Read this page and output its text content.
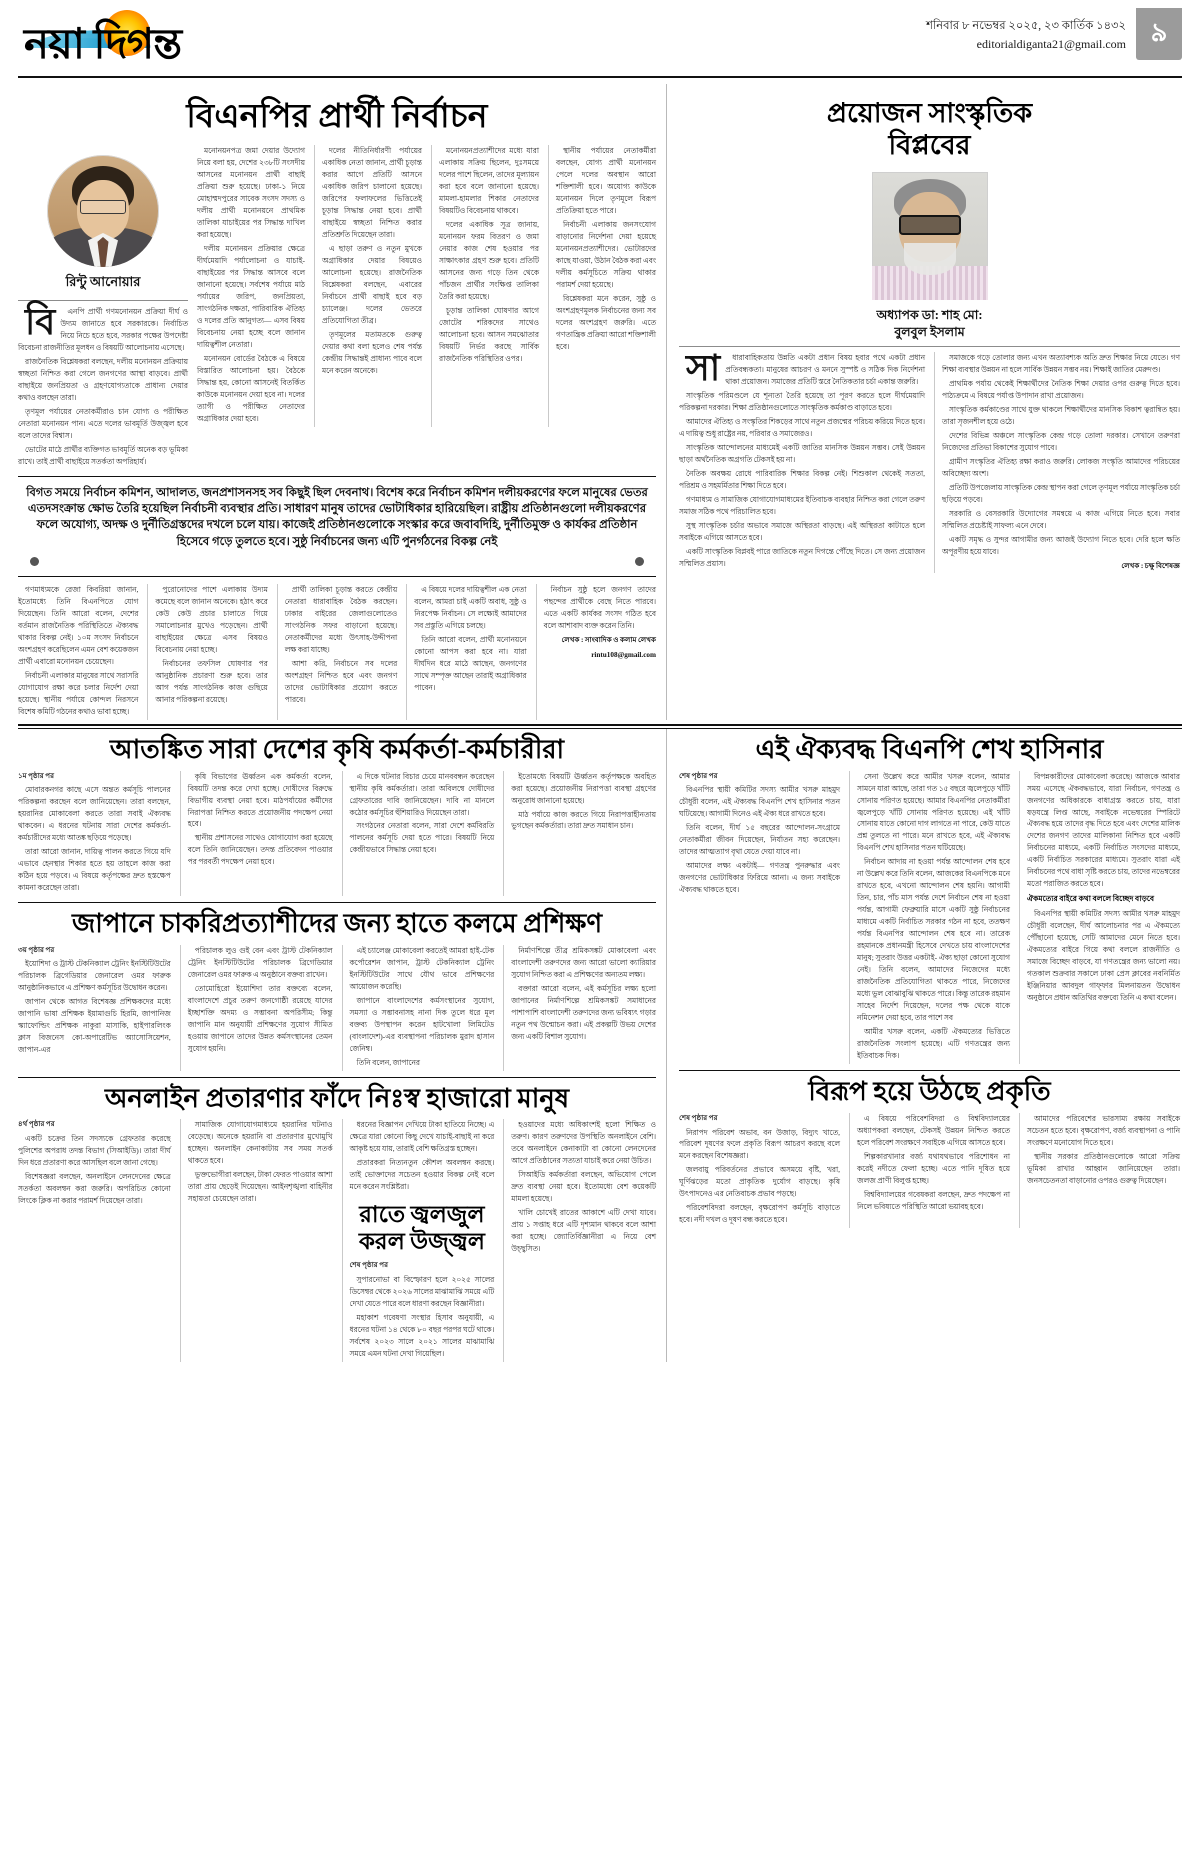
নয়া দিগন্ত	শনিবার ৮ নভেম্বর ২০২৫, ২৩ কার্তিক ১৪৩২
editorialdiganta21@gmail.com ৯
বিএনপির প্রার্থী নির্বাচন
রিন্টু আনোয়ার

বি	এনপি প্রার্থী গণমনোনয়ন প্রক্রিয়া দীর্ঘ ও উদ্যম জানাতে হবে সরকারকে। নির্বাচিত নিয়ে নিচে হতে হবে, সরকার পক্ষের উপদেষ্টা বিবেচনা রাজনীতির মূলধন ও বিষয়টি আলোচনায় এসেছে।

রাজনৈতিক বিশ্লেষকরা বলছেন, দলীয় মনোনয়ন প্রক্রিয়ায় স্বচ্ছতা নিশ্চিত করা গেলে জনগণের আস্থা বাড়বে। প্রার্থী বাছাইয়ে জনপ্রিয়তা ও গ্রহণযোগ্যতাকে প্রাধান্য দেয়ার কথাও বলছেন তারা।

তৃণমূল পর্যায়ের নেতাকর্মীরাও চান যোগ্য ও পরীক্ষিত নেতারা মনোনয়ন পান। এতে দলের ভাবমূর্তি উজ্জ্বল হবে বলে তাদের বিশ্বাস।

ভোটের মাঠে প্রার্থীর ব্যক্তিগত ভাবমূর্তি অনেক বড় ভূমিকা রাখে। তাই প্রার্থী বাছাইয়ে সতর্কতা অপরিহার্য।

মনোনয়নপত্র জমা দেয়ার উদ্যোগ নিয়ে বলা হয়, দেশের ২৩৮টি সংসদীয় আসনের মনোনয়ন প্রার্থী বাছাই প্রক্রিয়া শুরু হয়েছে। ঢাকা-১ নিয়ে মোহাম্মদপুরের সাবেক সংসদ সদস্য ও দলীয় প্রার্থী মনোনয়নে প্রাথমিক তালিকা যাচাইয়ের পর সিদ্ধান্ত দাখিল করা হয়েছে।

দলীয় মনোনয়ন প্রক্রিয়ার ক্ষেত্রে দীর্ঘমেয়াদি পর্যালোচনা ও যাচাই-বাছাইয়ের পর সিদ্ধান্ত আসবে বলে জানানো হয়েছে। সর্বশেষ পর্যায়ে মাঠ পর্যায়ের জরিপ, জনপ্রিয়তা, সাংগঠনিক দক্ষতা, পারিবারিক ঐতিহ্য ও দলের প্রতি আনুগত্য— এসব বিষয় বিবেচনায় নেয়া হচ্ছে বলে জানান দায়িত্বশীল নেতারা।

মনোনয়ন বোর্ডের বৈঠকে এ বিষয়ে বিস্তারিত আলোচনা হয়। বৈঠকে সিদ্ধান্ত হয়, কোনো আসনেই বিতর্কিত কাউকে মনোনয়ন দেয়া হবে না। দলের ত্যাগী ও পরীক্ষিত নেতাদের অগ্রাধিকার দেয়া হবে।

দলের নীতিনির্ধারণী পর্যায়ের একাধিক নেতা জানান, প্রার্থী চূড়ান্ত করার আগে প্রতিটি আসনে একাধিক জরিপ চালানো হয়েছে। জরিপের ফলাফলের ভিত্তিতেই চূড়ান্ত সিদ্ধান্ত নেয়া হবে। প্রার্থী বাছাইয়ে স্বচ্ছতা নিশ্চিত করার প্রতিশ্রুতি দিয়েছেন তারা।

এ ছাড়া তরুণ ও নতুন মুখকে অগ্রাধিকার দেয়ার বিষয়েও আলোচনা হয়েছে। রাজনৈতিক বিশ্লেষকরা বলছেন, এবারের নির্বাচনে প্রার্থী বাছাই হবে বড় চ্যালেঞ্জ। দলের ভেতরে প্রতিযোগিতা তীব্র।

তৃণমূলের মতামতকে গুরুত্ব দেয়ার কথা বলা হলেও শেষ পর্যন্ত কেন্দ্রীয় সিদ্ধান্তই প্রাধান্য পাবে বলে মনে করেন অনেকে।

মনোনয়নপ্রত্যাশীদের মধ্যে যারা এলাকায় সক্রিয় ছিলেন, দুঃসময়ে দলের পাশে ছিলেন, তাদের মূল্যায়ন করা হবে বলে জানানো হয়েছে। মামলা-হামলার শিকার নেতাদের বিষয়টিও বিবেচনায় থাকবে।

দলের একাধিক সূত্র জানায়, মনোনয়ন ফরম বিতরণ ও জমা নেয়ার কাজ শেষ হওয়ার পর সাক্ষাৎকার গ্রহণ শুরু হবে। প্রতিটি আসনের জন্য গড়ে তিন থেকে পাঁচজন প্রার্থীর সংক্ষিপ্ত তালিকা তৈরি করা হয়েছে।

চূড়ান্ত তালিকা ঘোষণার আগে জোটের শরিকদের সাথেও আলোচনা হবে। আসন সমঝোতার বিষয়টি নির্ভর করছে সার্বিক রাজনৈতিক পরিস্থিতির ওপর।

স্থানীয় পর্যায়ের নেতাকর্মীরা বলছেন, যোগ্য প্রার্থী মনোনয়ন পেলে দলের অবস্থান আরো শক্তিশালী হবে। অযোগ্য কাউকে মনোনয়ন দিলে তৃণমূলে বিরূপ প্রতিক্রিয়া হতে পারে।

নির্বাচনী এলাকায় জনসংযোগ বাড়ানোর নির্দেশনা দেয়া হয়েছে মনোনয়নপ্রত্যাশীদের। ভোটারদের কাছে যাওয়া, উঠান বৈঠক করা এবং দলীয় কর্মসূচিতে সক্রিয় থাকার পরামর্শ দেয়া হয়েছে।

বিশ্লেষকরা মনে করেন, সুষ্ঠু ও অংশগ্রহণমূলক নির্বাচনের জন্য সব দলের অংশগ্রহণ জরুরি। এতে গণতান্ত্রিক প্রক্রিয়া আরো শক্তিশালী হবে।

বিগত সময়ে নির্বাচন কমিশন, আদালত, জনপ্রশাসনসহ সব কিছুই ছিল দেবনাথ। বিশেষ করে নির্বাচন কমিশন দলীয়করণের ফলে মানুষের ভেতর এতদসংক্রান্ত ক্ষোভ তৈরি হয়েছিল নির্বাচনী ব্যবস্থার প্রতি। সাধারণ মানুষ তাদের ভোটাধিকার হারিয়েছিল। রাষ্ট্রীয় প্রতিষ্ঠানগুলো দলীয়করণের ফলে অযোগ্য, অদক্ষ ও দুর্নীতিগ্রস্তদের দখলে চলে যায়। কাজেই প্রতিষ্ঠানগুলোকে সংস্কার করে জবাবদিহি, দুর্নীতিমুক্ত ও কার্যকর প্রতিষ্ঠান হিসেবে গড়ে তুলতে হবে। সুষ্ঠু নির্বাচনের জন্য এটি পুনর্গঠনের বিকল্প নেই

গণমাধ্যমকে রেজা কিবরিয়া জানান, ইতোমধ্যে তিনি বিএনপিতে যোগ দিয়েছেন। তিনি আরো বলেন, দেশের বর্তমান রাজনৈতিক পরিস্থিতিতে ঐক্যবদ্ধ থাকার বিকল্প নেই। ১০ম সংসদ নির্বাচনে অংশগ্রহণ করেছিলেন এমন বেশ কয়েকজন প্রার্থী এবারো মনোনয়ন চেয়েছেন।

নির্বাচনী এলাকার মানুষের সাথে সরাসরি যোগাযোগ রক্ষা করে চলার নির্দেশ দেয়া হয়েছে। স্থানীয় পর্যায়ে কোন্দল নিরসনে বিশেষ কমিটি গঠনের কথাও ভাবা হচ্ছে।

পুরোনোদের পাশে এলাকায় উদ্যম কমেছে বলে জানান অনেকে। হঠাৎ করে কেউ কেউ প্রচার চালাতে গিয়ে সমালোচনার মুখেও পড়েছেন। প্রার্থী বাছাইয়ের ক্ষেত্রে এসব বিষয়ও বিবেচনায় নেয়া হচ্ছে।

নির্বাচনের তফসিল ঘোষণার পর আনুষ্ঠানিক প্রচারণা শুরু হবে। তার আগ পর্যন্ত সাংগঠনিক কাজ গুছিয়ে আনার পরিকল্পনা রয়েছে।

প্রার্থী তালিকা চূড়ান্ত করতে কেন্দ্রীয় নেতারা ধারাবাহিক বৈঠক করছেন। ঢাকার বাইরের জেলাগুলোতেও সাংগঠনিক সফর বাড়ানো হয়েছে। নেতাকর্মীদের মধ্যে উৎসাহ-উদ্দীপনা লক্ষ করা যাচ্ছে।

আশা করি, নির্বাচনে সব দলের অংশগ্রহণ নিশ্চিত হবে এবং জনগণ তাদের ভোটাধিকার প্রয়োগ করতে পারবে।

এ বিষয়ে দলের দায়িত্বশীল এক নেতা বলেন, আমরা চাই একটি অবাধ, সুষ্ঠু ও নিরপেক্ষ নির্বাচন। সে লক্ষ্যেই আমাদের সব প্রস্তুতি এগিয়ে চলছে।

তিনি আরো বলেন, প্রার্থী মনোনয়নে কোনো আপস করা হবে না। যারা দীর্ঘদিন ধরে মাঠে আছেন, জনগণের সাথে সম্পৃক্ত আছেন তারাই অগ্রাধিকার পাবেন।

নির্বাচন সুষ্ঠু হলে জনগণ তাদের পছন্দের প্রার্থীকে বেছে নিতে পারবে। এতে একটি কার্যকর সংসদ গঠিত হবে বলে আশাবাদ ব্যক্ত করেন তিনি।

লেখক : সাংবাদিক ও কলাম লেখক
rintu108@gmail.com
প্রয়োজন সাংস্কৃতিক
বিপ্লবের
অধ্যাপক ডা: শাহ মো:
বুলবুল ইসলাম

সা	ধারাবাহিকতায় উন্নতি একটা প্রধান বিষয় হবার পথে একটা প্রধান প্রতিবন্ধকতা। মানুষের আচরণ ও মননে সুস্পষ্ট ও সঠিক দিক নির্দেশনা থাকা প্রয়োজন। সমাজের প্রতিটি স্তরে নৈতিকতার চর্চা একান্ত জরুরি।

সাংস্কৃতিক পরিমণ্ডলে যে শূন্যতা তৈরি হয়েছে তা পূরণ করতে হলে দীর্ঘমেয়াদি পরিকল্পনা দরকার। শিক্ষা প্রতিষ্ঠানগুলোতে সাংস্কৃতিক কর্মকাণ্ড বাড়াতে হবে।

আমাদের ঐতিহ্য ও সংস্কৃতির শিকড়ের সাথে নতুন প্রজন্মের পরিচয় করিয়ে দিতে হবে। এ দায়িত্ব শুধু রাষ্ট্রের নয়, পরিবার ও সমাজেরও।

সাংস্কৃতিক আন্দোলনের মাধ্যমেই একটি জাতির মানসিক উন্নয়ন সম্ভব। সেই উন্নয়ন ছাড়া অর্থনৈতিক অগ্রগতি টেকসই হয় না।

নৈতিক অবক্ষয় রোধে পারিবারিক শিক্ষার বিকল্প নেই। শিশুকাল থেকেই সততা, পরিশ্রম ও সহমর্মিতার শিক্ষা দিতে হবে।

গণমাধ্যম ও সামাজিক যোগাযোগমাধ্যমের ইতিবাচক ব্যবহার নিশ্চিত করা গেলে তরুণ সমাজ সঠিক পথে পরিচালিত হবে।

সুস্থ সাংস্কৃতিক চর্চার অভাবে সমাজে অস্থিরতা বাড়ছে। এই অস্থিরতা কাটাতে হলে সবাইকে এগিয়ে আসতে হবে।

একটি সাংস্কৃতিক বিপ্লবই পারে জাতিকে নতুন দিগন্তে পৌঁছে দিতে। সে জন্য প্রয়োজন সম্মিলিত প্রয়াস।

সমাজকে গড়ে তোলার জন্য এখন অত্যাবশ্যক অতি দ্রুত শিক্ষার নিয়ে যেতে। গণ শিক্ষা ব্যবস্থার উন্নয়ন না হলে সার্বিক উন্নয়ন সম্ভব নয়। শিক্ষাই জাতির মেরুদণ্ড।

প্রাথমিক পর্যায় থেকেই শিক্ষার্থীদের নৈতিক শিক্ষা দেয়ার ওপর গুরুত্ব দিতে হবে। পাঠ্যক্রমে এ বিষয়ে পর্যাপ্ত উপাদান রাখা প্রয়োজন।

সাংস্কৃতিক কর্মকাণ্ডের সাথে যুক্ত থাকলে শিক্ষার্থীদের মানসিক বিকাশ ত্বরান্বিত হয়। তারা সৃজনশীল হয়ে ওঠে।

দেশের বিভিন্ন অঞ্চলে সাংস্কৃতিক কেন্দ্র গড়ে তোলা দরকার। সেখানে তরুণরা নিজেদের প্রতিভা বিকাশের সুযোগ পাবে।

গ্রামীণ সংস্কৃতির ঐতিহ্য রক্ষা করাও জরুরি। লোকজ সংস্কৃতি আমাদের পরিচয়ের অবিচ্ছেদ্য অংশ।

প্রতিটি উপজেলায় সাংস্কৃতিক কেন্দ্র স্থাপন করা গেলে তৃণমূল পর্যায়ে সাংস্কৃতিক চর্চা ছড়িয়ে পড়বে।

সরকারি ও বেসরকারি উদ্যোগের সমন্বয়ে এ কাজ এগিয়ে নিতে হবে। সবার সম্মিলিত প্রচেষ্টাই সাফল্য এনে দেবে।

একটি সমৃদ্ধ ও সুন্দর আগামীর জন্য আজই উদ্যোগ নিতে হবে। দেরি হলে ক্ষতি অপূরণীয় হয়ে যাবে।

লেখক : চক্ষু বিশেষজ্ঞ
আতঙ্কিত সারা দেশের কৃষি কর্মকর্তা-কর্মচারীরা
১ম পৃষ্ঠার পর

মোবারকনগর কাছে এসে অন্তত কর্মসূচি পালনের পরিকল্পনা করছেন বলে জানিয়েছেন। তারা বলছেন, হয়রানির মোকাবেলা করতে তারা সবাই ঐক্যবদ্ধ থাকবেন। এ ধরনের ঘটনায় সারা দেশের কর্মকর্তা-কর্মচারীদের মধ্যে আতঙ্ক ছড়িয়ে পড়েছে।

তারা আরো জানান, দায়িত্ব পালন করতে গিয়ে যদি এভাবে হেনস্থার শিকার হতে হয় তাহলে কাজ করা কঠিন হয়ে পড়বে। এ বিষয়ে কর্তৃপক্ষের দ্রুত হস্তক্ষেপ কামনা করেছেন তারা।

কৃষি বিভাগের ঊর্ধ্বতন এক কর্মকর্তা বলেন, বিষয়টি তদন্ত করে দেখা হচ্ছে। দোষীদের বিরুদ্ধে বিভাগীয় ব্যবস্থা নেয়া হবে। মাঠপর্যায়ের কর্মীদের নিরাপত্তা নিশ্চিত করতে প্রয়োজনীয় পদক্ষেপ নেয়া হবে।

স্থানীয় প্রশাসনের সাথেও যোগাযোগ করা হয়েছে বলে তিনি জানিয়েছেন। তদন্ত প্রতিবেদন পাওয়ার পর পরবর্তী পদক্ষেপ নেয়া হবে।

এ দিকে ঘটনার বিচার চেয়ে মানববন্ধন করেছেন স্থানীয় কৃষি কর্মকর্তারা। তারা অবিলম্বে দোষীদের গ্রেফতারের দাবি জানিয়েছেন। দাবি না মানলে কঠোর কর্মসূচির হুঁশিয়ারিও দিয়েছেন তারা।

সংগঠনের নেতারা বলেন, সারা দেশে কর্মবিরতি পালনের কর্মসূচি দেয়া হতে পারে। বিষয়টি নিয়ে কেন্দ্রীয়ভাবে সিদ্ধান্ত নেয়া হবে।

ইতোমধ্যে বিষয়টি ঊর্ধ্বতন কর্তৃপক্ষকে অবহিত করা হয়েছে। প্রয়োজনীয় নিরাপত্তা ব্যবস্থা গ্রহণের অনুরোধ জানানো হয়েছে।

মাঠ পর্যায়ে কাজ করতে গিয়ে নিরাপত্তাহীনতায় ভুগছেন কর্মকর্তারা। তারা দ্রুত সমাধান চান।

জাপানে চাকরিপ্রত্যাশীদের জন্য হাতে কলমে প্রশিক্ষণ
৩য় পৃষ্ঠার পর

ইয়োশিদা ও ট্রাস্ট টেকনিক্যাল ট্রেনিং ইনস্টিটিউটের পরিচালক ব্রিগেডিয়ার জেনারেল ওমর ফারুক আনুষ্ঠানিকভাবে এ প্রশিক্ষণ কর্মসূচির উদ্বোধন করেন।

জাপান থেকে আগত বিশেষজ্ঞ প্রশিক্ষকদের মধ্যে জাপানি ভাষা প্রশিক্ষক ইয়ামাগুচি হিরমি, জাপানিজ স্ক্যাফোল্ডিং প্রশিক্ষক নাকুরা মাসাকি, হাইপারলিংক ক্লাস বিজনেস কো-অপারেটিভ অ্যাসোসিয়েশন, জাপান-এর

পরিচালক লুও গুই বেন এবং ট্রাস্ট টেকনিক্যাল ট্রেনিং ইনস্টিটিউটের পরিচালক ব্রিগেডিয়ার জেনারেল ওমর ফারুক এ অনুষ্ঠানে বক্তব্য রাখেন।

তোমোহিরো ইয়োশিদা তার বক্তব্যে বলেন, বাংলাদেশে প্রচুর তরুণ জনগোষ্ঠী রয়েছে যাদের ইচ্ছাশক্তি অদম্য ও সম্ভাবনা অপরিসীম; কিন্তু জাপানি মান অনুযায়ী প্রশিক্ষণের সুযোগ সীমিত হওয়ায় জাপানে তাদের উন্নত কর্মসংস্থানের তেমন সুযোগ হয়নি।

এই চ্যালেঞ্জ মোকাবেলা করতেই আমরা হাই-টেক কর্পোরেশন জাপান, ট্রাস্ট টেকনিক্যাল ট্রেনিং ইনস্টিটিউটের সাথে যৌথ ভাবে প্রশিক্ষণের আয়োজন করেছি।

জাপানে বাংলাদেশের কর্মসংস্থানের সুযোগ, সমস্যা ও সম্ভাবনাসহ নানা দিক তুলে ধরে মূল বক্তব্য উপস্থাপন করেন হাটখোলা লিমিটেড (বাংলাদেশ)-এর ব্যবস্থাপনা পরিচালক মুরাদ হাসান জেনিম্ব।

তিনি বলেন, জাপানের

নির্মাণশিল্পে তীব্র শ্রমিকসঙ্কট মোকাবেলা এবং বাংলাদেশী তরুণদের জন্য আরো ভালো ক্যারিয়ার সুযোগ নিশ্চিত করা এ প্রশিক্ষণের অন্যতম লক্ষ্য।

বক্তারা আরো বলেন, এই কর্মসূচির লক্ষ্য হলো জাপানের নির্মাণশিল্পে শ্রমিকসঙ্কট সমাধানের পাশাপাশি বাংলাদেশী তরুণদের জন্য ভবিষ্যৎ গড়ার নতুন পথ উন্মোচন করা। এই প্রকল্পটি উভয় দেশের জন্য একটি বিশাল সুযোগ।

অনলাইন প্রতারণার ফাঁদে নিঃস্ব হাজারো মানুষ
৪র্থ পৃষ্ঠার পর

একটি চক্রের তিন সদস্যকে গ্রেফতার করেছে পুলিশের অপরাধ তদন্ত বিভাগ (সিআইডি)। তারা দীর্ঘ দিন ধরে প্রতারণা করে আসছিল বলে জানা গেছে।

বিশেষজ্ঞরা বলছেন, অনলাইনে লেনদেনের ক্ষেত্রে সতর্কতা অবলম্বন করা জরুরি। অপরিচিত কোনো লিংকে ক্লিক না করার পরামর্শ দিয়েছেন তারা।

সামাজিক যোগাযোগমাধ্যমে হয়রানির ঘটনাও বেড়েছে। অনেকে হয়রানি বা প্রতারণার মুখোমুখি হচ্ছেন। অনলাইন কেনাকাটায় সব সময় সতর্ক থাকতে হবে।

ভুক্তভোগীরা বলছেন, টাকা ফেরত পাওয়ার আশা তারা প্রায় ছেড়েই দিয়েছেন। আইনশৃঙ্খলা বাহিনীর সহায়তা চেয়েছেন তারা।

ধরনের বিজ্ঞাপন দেখিয়ে টাকা হাতিয়ে নিচ্ছে। এ ক্ষেত্রে যারা কোনো কিছু দেখে যাচাই-বাছাই না করে আকৃষ্ট হয়ে যায়, তারাই বেশি ক্ষতিগ্রস্ত হচ্ছেন।

প্রতারকরা নিত্যনতুন কৌশল অবলম্বন করছে। তাই ভোক্তাদের সচেতন হওয়ার বিকল্প নেই বলে মনে করেন সংশ্লিষ্টরা।

রাতে জ্বলজুল করল উজ্জ্বল
শেষ পৃষ্ঠার পর

সুপারনোভা বা বিস্ফোরণ হলে ২০২৫ সালের ডিসেম্বর থেকে ২০২৬ সালের মাঝামাঝি সময়ে এটি দেখা যেতে পারে বলে ধারণা করছেন বিজ্ঞানীরা।

মহাকাশ গবেষণা সংস্থার হিসাব অনুযায়ী, এ ধরনের ঘটনা ১৪ থেকে ৮০ বছর পরপর ঘটে থাকে। সর্বশেষ ২০২৩ সালে ২০২১ সালের মাঝামাঝি সময়ে এমন ঘটনা দেখা গিয়েছিল।

হওয়াদের মধ্যে অধিকাংশই হলো শিক্ষিত ও তরুণ। কারণ তরুণদের উপস্থিতি অনলাইনে বেশি। তবে অনলাইনে কেনাকাটা বা কোনো লেনদেনের আগে প্রতিষ্ঠানের সত্যতা যাচাই করে নেয়া উচিত।

সিআইডি কর্মকর্তারা বলছেন, অভিযোগ পেলে দ্রুত ব্যবস্থা নেয়া হবে। ইতোমধ্যে বেশ কয়েকটি মামলা হয়েছে।

খালি চোখেই রাতের আকাশে এটি দেখা যাবে। প্রায় ১ সপ্তাহ ধরে এটি দৃশ্যমান থাকবে বলে আশা করা হচ্ছে। জ্যোতির্বিজ্ঞানীরা এ নিয়ে বেশ উচ্ছ্বসিত।

এই ঐক্যবদ্ধ বিএনপি শেখ হাসিনার
শেষ পৃষ্ঠার পর

বিএনপির স্থায়ী কমিটির সদস্য আমীর খসরু মাহমুদ চৌধুরী বলেন, এই ঐক্যবদ্ধ বিএনপি শেখ হাসিনার পতন ঘটিয়েছে। আগামী দিনেও এই ঐক্য ধরে রাখতে হবে।

তিনি বলেন, দীর্ঘ ১৫ বছরের আন্দোলন-সংগ্রামে নেতাকর্মীরা জীবন দিয়েছেন, নির্যাতন সহ্য করেছেন। তাদের আত্মত্যাগ বৃথা যেতে দেয়া যাবে না।

আমাদের লক্ষ্য একটাই— গণতন্ত্র পুনরুদ্ধার এবং জনগণের ভোটাধিকার ফিরিয়ে আনা। এ জন্য সবাইকে ঐক্যবদ্ধ থাকতে হবে।

সেনা উল্লেখ করে আমীর খসরু বলেন, আমার সামনে যারা আছে, তারা গত ১৫ বছরে জ্বলেপুড়ে খাঁটি সোনায় পরিণত হয়েছে। আমার বিএনপির নেতাকর্মীরা জ্বলেপুড়ে খাঁটি সোনায় পরিণত হয়েছে। এই খাঁটি সোনায় যাতে কোনো দাগ লাগতে না পারে, কেউ যাতে প্রশ্ন তুলতে না পারে। মনে রাখতে হবে, এই ঐক্যবদ্ধ বিএনপি শেখ হাসিনার পতন ঘটিয়েছে।

নির্বাচন আদায় না হওয়া পর্যন্ত আন্দোলন শেষ হবে না উল্লেখ করে তিনি বলেন, আজকের বিএনপিকে মনে রাখতে হবে, এখনো আন্দোলন শেষ হয়নি। আগামী তিন, চার, পাঁচ মাস পর্যন্ত দেশে নির্বাচন শেষ না হওয়া পর্যন্ত, আগামী ফেব্রুয়ারি মাসে একটি সুষ্ঠু নির্বাচনের মাধ্যমে একটি নির্বাচিত সরকার গঠন না হবে, ততক্ষণ পর্যন্ত বিএনপির আন্দোলন শেষ হবে না। তারেক রহমানকে প্রধানমন্ত্রী হিসেবে দেখতে চায় বাংলাদেশের মানুষ; সুতরাং উত্তর একটাই- ঐক্য ছাড়া কোনো সুযোগ নেই। তিনি বলেন, আমাদের নিজেদের মধ্যে রাজনৈতিক প্রতিযোগিতা থাকতে পারে, নিজেদের মধ্যে ভুল বোঝাবুঝি থাকতে পারে। কিন্তু তারেক রহমান সাহেব নির্দেশ দিয়েছেন, দলের পক্ষ থেকে যাকে নমিনেশন দেয়া হবে, তার পাশে সব

আমীর খসরু বলেন, একটি ঐকমত্যের ভিত্তিতে রাজনৈতিক সংলাপ হয়েছে। এটি গণতন্ত্রের জন্য ইতিবাচক দিক।

বিপন্নকারীদের মোকাবেলা করেছে। আজকে আবার সময় এসেছে ঐকবদ্ধভাবে, যারা নির্বাচন, গণতন্ত্র ও জনগণের অধিকারকে বাধাগ্রস্ত করতে চায়, যারা ষড়যন্ত্রে লিপ্ত আছে, সবাইকে নভেম্বরের স্পিরিটে ঐক্যবদ্ধ হয়ে তাদের বৃদ্ধ দিতে হবে এবং দেশের মালিক দেশের জনগণ তাদের মালিকানা নিশ্চিত হবে একটি নির্বাচনের মাধ্যমে, একটি নির্বাচিত সংসদের মাধ্যমে, একটি নির্বাচিত সরকারের মাধ্যমে। সুতরাং যারা এই নির্বাচনের পথে বাধা সৃষ্টি করতে চায়, তাদের নভেম্বরের মতো পরাজিত করতে হবে।

ঐকমত্যের বাইরে কথা বললে বিচ্ছেদ বাড়বে

বিএনপির স্থায়ী কমিটির সদস্য আমীর খসরু মাহমুদ চৌধুরী বলেছেন, দীর্ঘ আলোচনার পর এ ঐকমত্যে পৌঁছানো হয়েছে, সেটি আমাদের মেনে নিতে হবে। ঐকমত্যের বাইরে গিয়ে কথা বললে রাজনীতি ও সমাজে বিচ্ছেদ বাড়বে, যা গণতন্ত্রের জন্য ভালো নয়। গতকাল শুক্রবার সকালে ঢাকা প্রেস ক্লাবের নবনির্মিত ইঞ্জিনিয়ার আবদুল গাফ্ফার মিলনায়তন উদ্বোধন অনুষ্ঠানে প্রধান অতিথির বক্তব্যে তিনি এ কথা বলেন।

বিরূপ হয়ে উঠছে প্রকৃতি
শেষ পৃষ্ঠার পর

নিরাপদ পরিবেশ অভাব, বন উজাড়, বিদ্যুৎ খাতে, পরিবেশ দূষণের ফলে প্রকৃতি বিরূপ আচরণ করছে বলে মনে করছেন বিশেষজ্ঞরা।

জলবায়ু পরিবর্তনের প্রভাবে অসময়ে বৃষ্টি, খরা, ঘূর্ণিঝড়ের মতো প্রাকৃতিক দুর্যোগ বাড়ছে। কৃষি উৎপাদনেও এর নেতিবাচক প্রভাব পড়ছে।

পরিবেশবিদরা বলছেন, বৃক্ষরোপণ কর্মসূচি বাড়াতে হবে। নদী দখল ও দূষণ বন্ধ করতে হবে।

এ বিষয়ে পরিবেশবিদরা ও বিশ্ববিদ্যালয়ের অধ্যাপকরা বলছেন, টেকসই উন্নয়ন নিশ্চিত করতে হলে পরিবেশ সংরক্ষণে সবাইকে এগিয়ে আসতে হবে।

শিল্পকারখানার বর্জ্য যথাযথভাবে পরিশোধন না করেই নদীতে ফেলা হচ্ছে। এতে পানি দূষিত হয়ে জলজ প্রাণী বিলুপ্ত হচ্ছে।

বিশ্ববিদ্যালয়ের গবেষকরা বলছেন, দ্রুত পদক্ষেপ না নিলে ভবিষ্যতে পরিস্থিতি আরো ভয়াবহ হবে।

আমাদের পরিবেশের ভারসাম্য রক্ষায় সবাইকে সচেতন হতে হবে। বৃক্ষরোপণ, বর্জ্য ব্যবস্থাপনা ও পানি সংরক্ষণে মনোযোগ দিতে হবে।

স্থানীয় সরকার প্রতিষ্ঠানগুলোকে আরো সক্রিয় ভূমিকা রাখার আহ্বান জানিয়েছেন তারা। জনসচেতনতা বাড়ানোর ওপরও গুরুত্ব দিয়েছেন।
